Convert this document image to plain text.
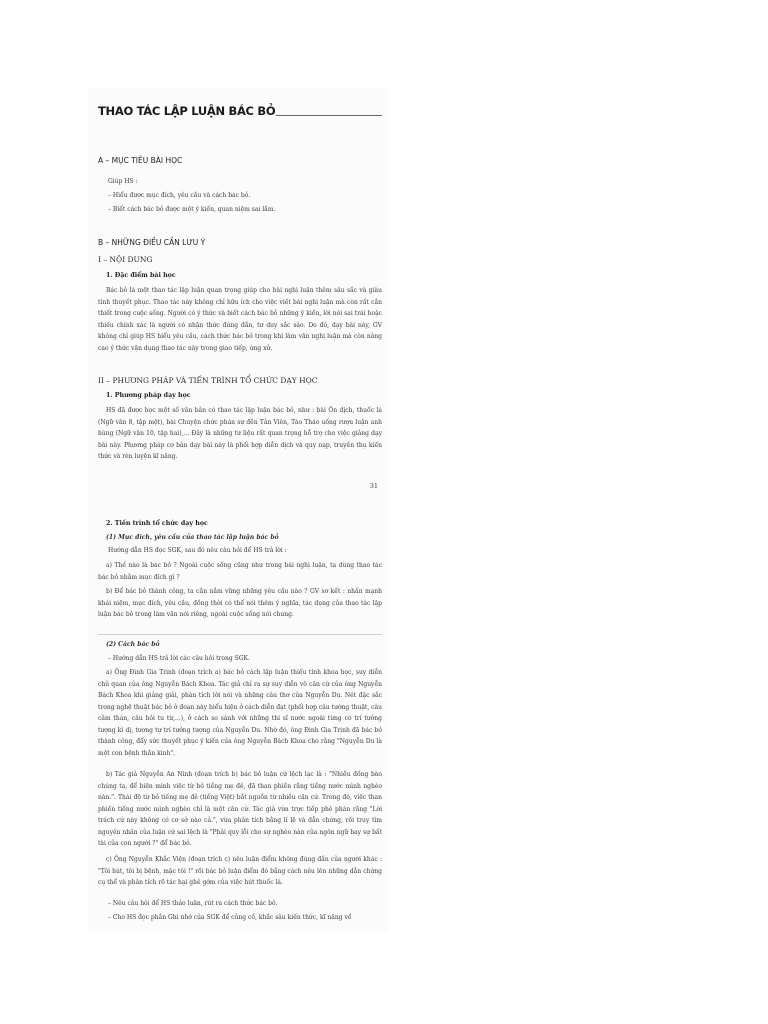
THAO TÁC LẬP LUẬN BÁC BỎ
A – MỤC TIÊU BÀI HỌC
Giúp HS :
– Hiểu được mục đích, yêu cầu và cách bác bỏ.
– Biết cách bác bỏ được một ý kiến, quan niệm sai lầm.
B – NHỮNG ĐIỀU CẦN LƯU Ý
I – NỘI DUNG
1. Đặc điểm bài học

Bác bỏ là một thao tác lập luận quan trọng giúp cho bài nghị luận thêm sâu sắc và giàu tính thuyết phục. Thao tác này không chỉ hữu ích cho việc viết bài nghị luận mà còn rất cần thiết trong cuộc sống. Người có ý thức và biết cách bác bỏ những ý kiến, lời nói sai trái hoặc thiếu chính xác là người có nhận thức đúng đắn, tư duy sắc sảo. Do đó, dạy bài này, GV không chỉ giúp HS hiểu yêu cầu, cách thức bác bỏ trong khi làm văn nghị luận mà còn nâng cao ý thức vận dụng thao tác này trong giao tiếp, ứng xử.

II – PHƯƠNG PHÁP VÀ TIẾN TRÌNH TỔ CHỨC DẠY HỌC
1. Phương pháp dạy học

HS đã được học một số văn bản có thao tác lập luận bác bỏ, như : bài Ôn dịch, thuốc lá (Ngữ văn 8, tập một), bài Chuyện chức phán sự đền Tản Viên, Tào Tháo uống rượu luận anh hùng (Ngữ văn 10, tập hai),... Đây là những tư liệu rất quan trọng hỗ trợ cho việc giảng dạy bài này. Phương pháp cơ bản dạy bài này là phối hợp diễn dịch và quy nạp, truyền thụ kiến thức và rèn luyện kĩ năng.

31
2. Tiến trình tổ chức dạy học
(1) Mục đích, yêu cầu của thao tác lập luận bác bỏ
Hướng dẫn HS đọc SGK, sau đó nêu câu hỏi để HS trả lời :

a) Thế nào là bác bỏ ? Ngoài cuộc sống cũng như trong bài nghị luận, ta dùng thao tác bác bỏ nhằm mục đích gì ?

b) Để bác bỏ thành công, ta cần nắm vững những yêu cầu nào ? GV sơ kết : nhấn mạnh khái niệm, mục đích, yêu cầu, đồng thời có thể nói thêm ý nghĩa, tác dụng của thao tác lập luận bác bỏ trong làm văn nói riêng, ngoài cuộc sống nói chung.

(2) Cách bác bỏ
– Hướng dẫn HS trả lời các câu hỏi trong SGK.

a) Ông Đinh Gia Trinh (đoạn trích a) bác bỏ cách lập luận thiếu tính khoa học, suy diễn chủ quan của ông Nguyễn Bách Khoa. Tác giả chỉ ra sự suy diễn vô căn cứ của ông Nguyễn Bách Khoa khi giảng giải, phân tích lời nói và những câu thơ của Nguyễn Du. Nét đặc sắc trong nghệ thuật bác bỏ ở đoạn này biểu hiện ở cách diễn đạt (phối hợp câu tường thuật, câu cảm thán, câu hỏi tu từ,...), ở cách so sánh với những thi sĩ nước ngoài từng có trí tưởng tượng kì dị, tương tự trí tưởng tượng của Nguyễn Du. Nhờ đó, ông Đinh Gia Trinh đã bác bỏ thành công, đẩy sức thuyết phục ý kiến của ông Nguyễn Bách Khoa cho rằng "Nguyễn Du là một con bệnh thần kinh".

b) Tác giả Nguyễn An Ninh (đoạn trích b) bác bỏ luận cứ lệch lạc là : "Nhiều đồng bào chúng ta, để biện minh việc từ bỏ tiếng mẹ đẻ, đã than phiền rằng tiếng nước mình nghèo nàn.". Thái độ từ bỏ tiếng mẹ đẻ (tiếng Việt) bắt nguồn từ nhiều căn cứ. Trong đó, việc than phiền tiếng nước mình nghèo chỉ là một căn cứ. Tác giả vừa trực tiếp phê phán rằng "Lời trách cứ này không có cơ sở nào cả.", vừa phân tích bằng lí lẽ và dẫn chứng, rồi truy tìm nguyên nhân của luận cứ sai lệch là "Phải quy lỗi cho sự nghèo nàn của ngôn ngữ hay sự bất tài của con người ?" để bác bỏ.

c) Ông Nguyễn Khắc Viện (đoạn trích c) nêu luận điểm không đúng đắn của người khác : "Tôi hút, tôi bị bệnh, mặc tôi !" rồi bác bỏ luận điểm đó bằng cách nêu lên những dẫn chứng cụ thể và phân tích rõ tác hại ghê gớm của việc hút thuốc lá.

– Nêu câu hỏi để HS thảo luận, rút ra cách thức bác bỏ.
– Cho HS đọc phần Ghi nhớ của SGK để củng cố, khắc sâu kiến thức, kĩ năng về
